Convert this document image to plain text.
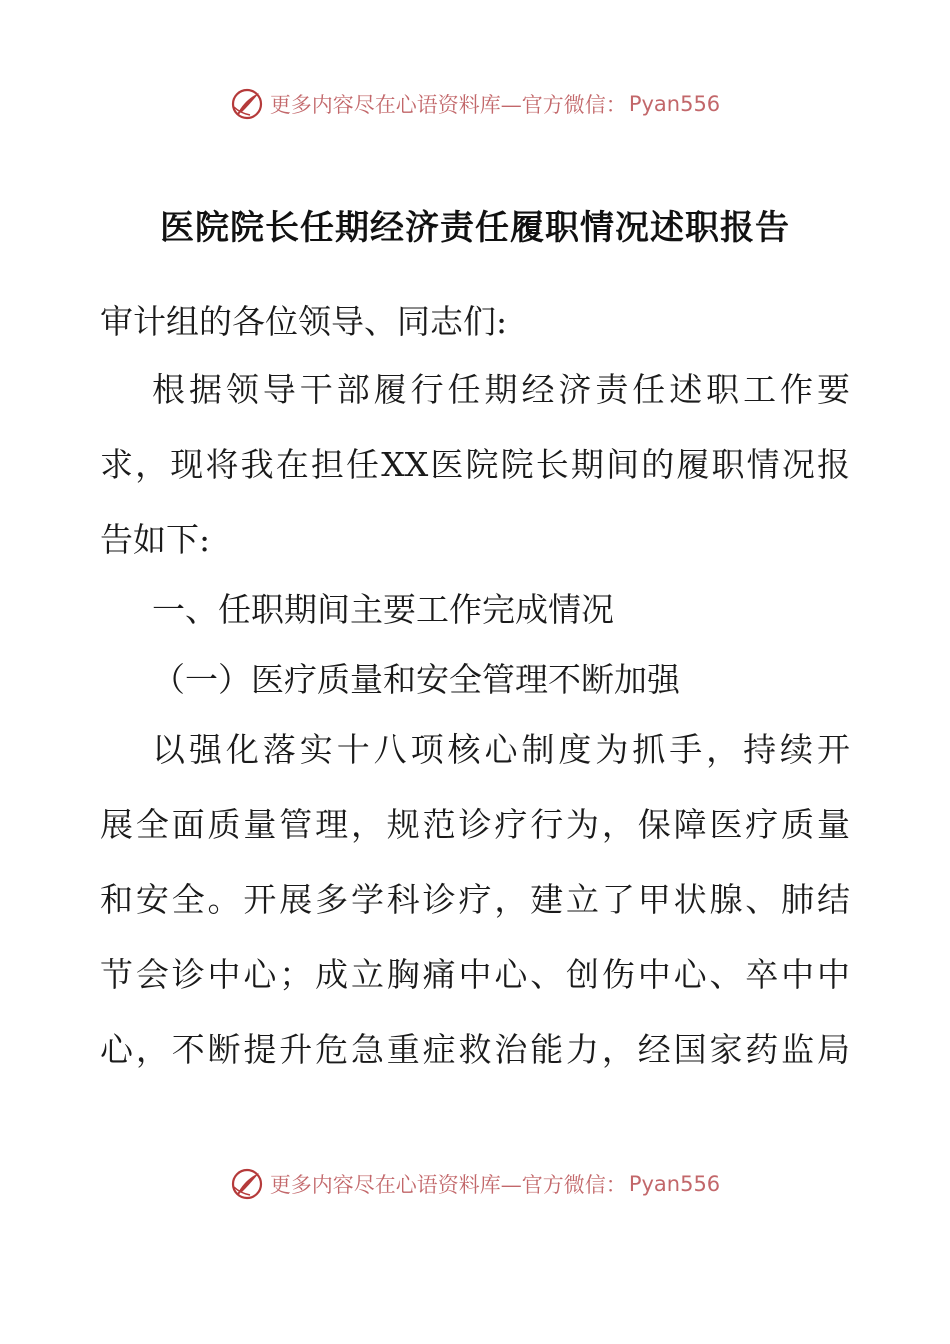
更多内容尽在心语资料库—官方微信： Pyan556
医院院长任期经济责任履职情况述职报告
审计组的各位领导、同志们:
根据领导干部履行任期经济责任述职工作要
求，现将我在担任XX医院院长期间的履职情况报
告如下:
一、任职期间主要工作完成情况
（一）医疗质量和安全管理不断加强
以强化落实十八项核心制度为抓手，持续开
展全面质量管理，规范诊疗行为，保障医疗质量
和安全。开展多学科诊疗，建立了甲状腺、肺结
节会诊中心；成立胸痛中心、创伤中心、卒中中
心，不断提升危急重症救治能力，经国家药监局
更多内容尽在心语资料库—官方微信： Pyan556
